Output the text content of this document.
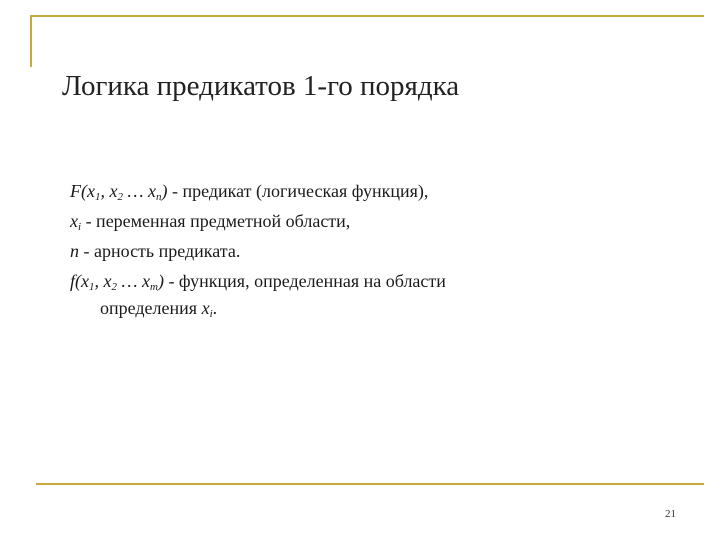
Логика предикатов 1-го порядка
$F(x_1$, $x_2$ … $x_n$) - предикат (логическая функция),
$x_i$ - переменная предметной области,
n - арность предиката.
$f(x_1$, $x_2$ … $x_m$) - функция, определенная на области
определения $x_i$.
21
